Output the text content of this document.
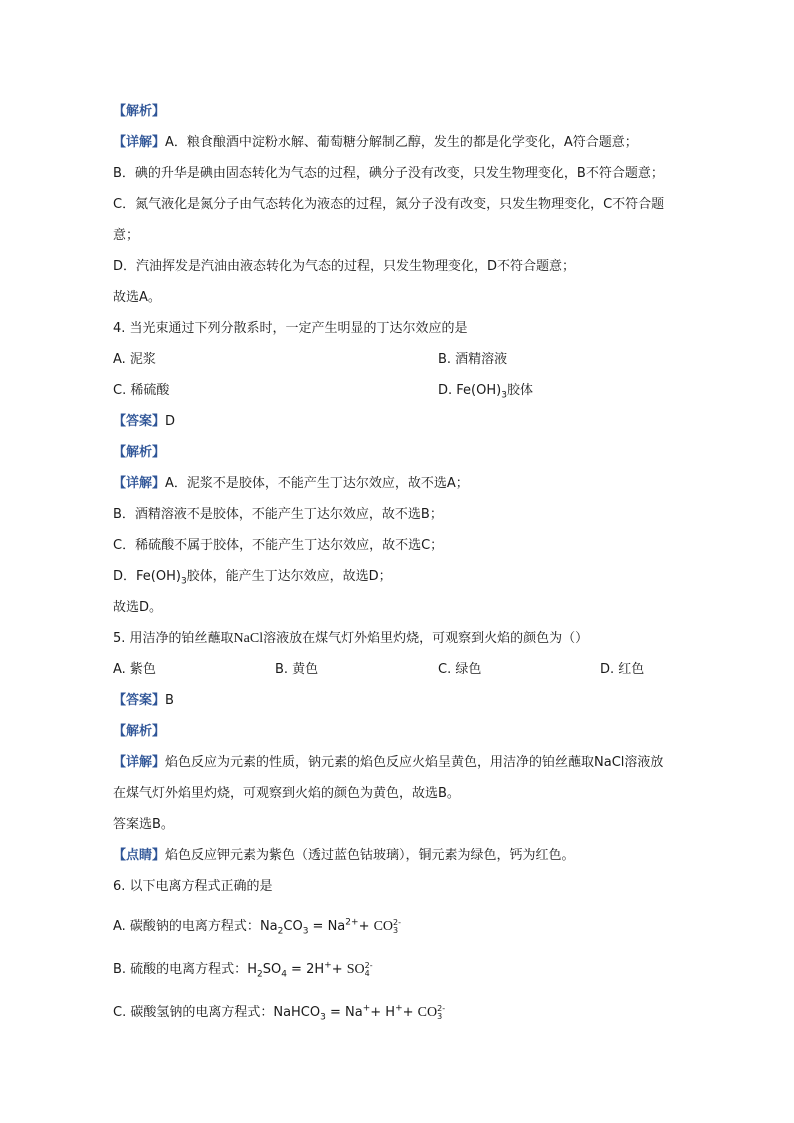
【解析】
【详解】A．粮食酿酒中淀粉水解、葡萄糖分解制乙醇，发生的都是化学变化，A符合题意；
B．碘的升华是碘由固态转化为气态的过程，碘分子没有改变，只发生物理变化，B不符合题意；
C．氮气液化是氮分子由气态转化为液态的过程，氮分子没有改变，只发生物理变化，C不符合题
意；
D．汽油挥发是汽油由液态转化为气态的过程，只发生物理变化，D不符合题意；
故选A。
4. 当光束通过下列分散系时，一定产生明显的丁达尔效应的是
A. 泥浆	B. 酒精溶液
C. 稀硫酸	D. $Fe(OH)_3$胶体
【答案】D
【解析】
【详解】A．泥浆不是胶体，不能产生丁达尔效应，故不选A；
B．酒精溶液不是胶体，不能产生丁达尔效应，故不选B；
C．稀硫酸不属于胶体，不能产生丁达尔效应，故不选C；
D．$Fe(OH)_3$胶体，能产生丁达尔效应，故选D；
故选D。
5. 用洁净的铂丝蘸取NaCl溶液放在煤气灯外焰里灼烧，可观察到火焰的颜色为（）
A. 紫色	B. 黄色	C. 绿色	D. 红色
【答案】B
【解析】
【详解】焰色反应为元素的性质，钠元素的焰色反应火焰呈黄色，用洁净的铂丝蘸取NaCl溶液放
在煤气灯外焰里灼烧，可观察到火焰的颜色为黄色，故选B。
答案选B。
【点睛】焰色反应钾元素为紫色（透过蓝色钴玻璃），铜元素为绿色，钙为红色。
6. 以下电离方程式正确的是
A. 碳酸钠的电离方程式：$Na_2CO_3 = Na^{2+}+$ CO 2-
3
B. 硫酸的电离方程式：$H_2SO_4 = 2H^++$ SO 2-
4
C. 碳酸氢钠的电离方程式：NaHCO$_3$ = Na++ H++ CO 2-
3
